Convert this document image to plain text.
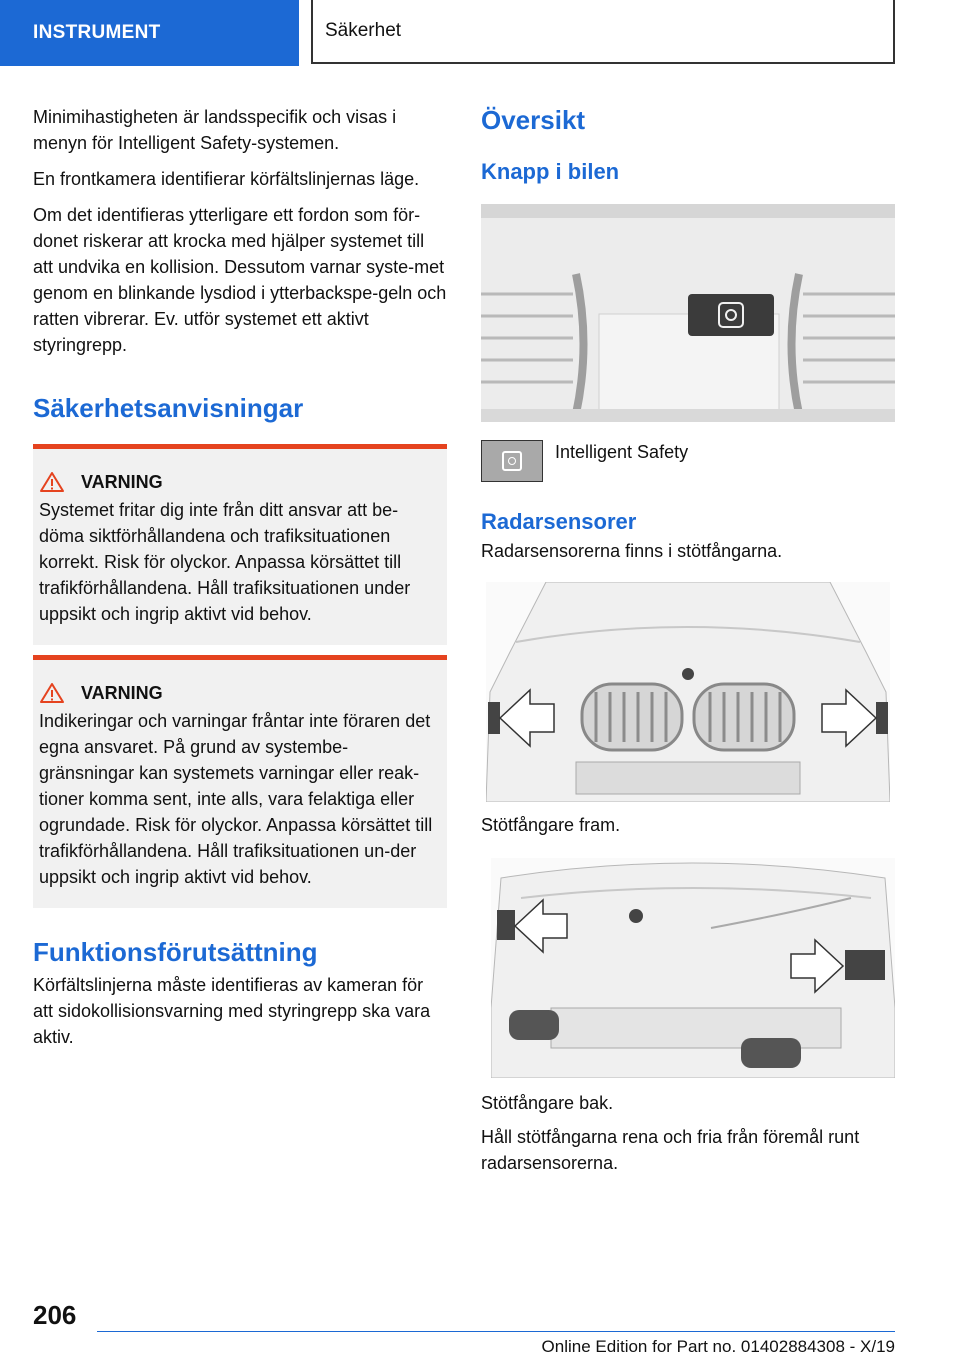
INSTRUMENT	Säkerhet

Minimihastigheten är landsspecifik och visas i menyn för Intelligent Safety-systemen.

En frontkamera identifierar körfältslinjernas läge.

Om det identifieras ytterligare ett fordon som för-donet riskerar att krocka med hjälper systemet till att undvika en kollision. Dessutom varnar syste-met genom en blinkande lysdiod i ytterbackspe-geln och ratten vibrerar. Ev. utför systemet ett aktivt styringrepp.

Säkerhetsanvisningar
VARNING

Systemet fritar dig inte från ditt ansvar att be-döma siktförhållandena och trafiksituationen korrekt. Risk för olyckor. Anpassa körsättet till trafikförhållandena. Håll trafiksituationen under uppsikt och ingrip aktivt vid behov.

VARNING

Indikeringar och varningar fråntar inte föraren det egna ansvaret. På grund av systembe-gränsningar kan systemets varningar eller reak-tioner komma sent, inte alls, vara felaktiga eller ogrundade. Risk för olyckor. Anpassa körsättet till trafikförhållandena. Håll trafiksituationen un-der uppsikt och ingrip aktivt vid behov.

Funktionsförutsättning

Körfältslinjerna måste identifieras av kameran för att sidokollisionsvarning med styringrepp ska vara aktiv.

Översikt
Knapp i bilen
Intelligent Safety
Radarsensorer

Radarsensorerna finns i stötfångarna.

Stötfångare fram.

Stötfångare bak.

Håll stötfångarna rena och fria från föremål runt radarsensorerna.

206
Online Edition for Part no. 01402884308 - X/19
